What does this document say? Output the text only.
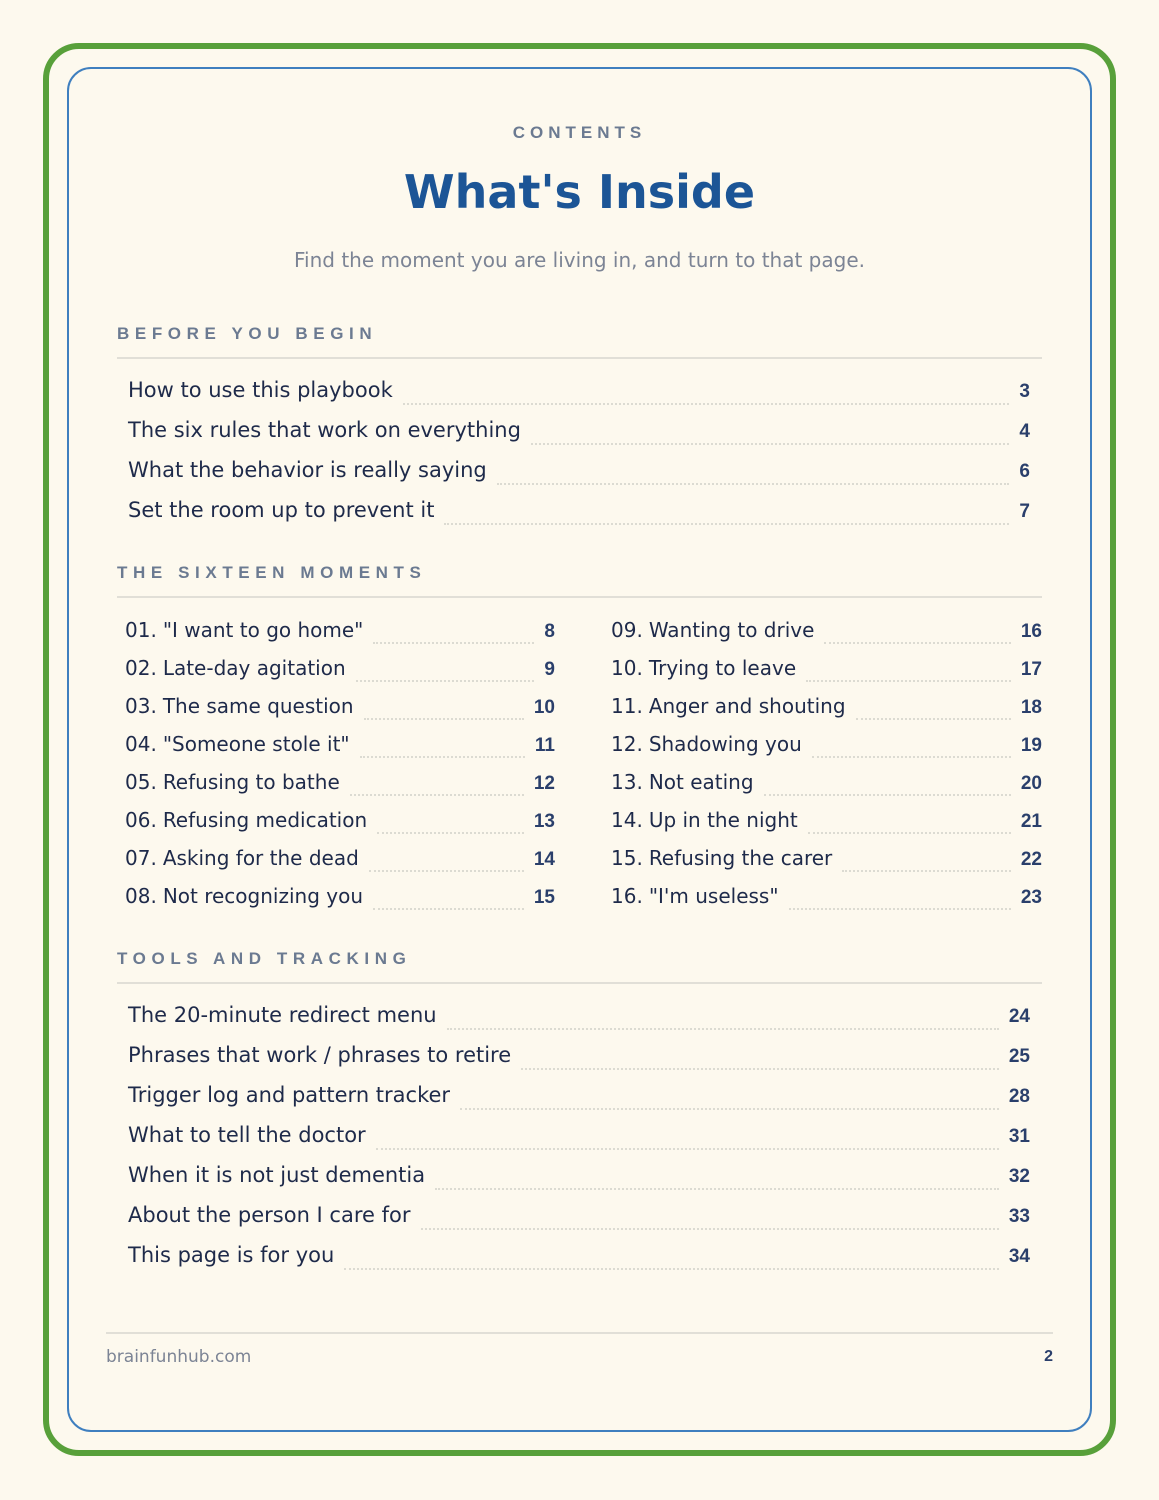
CONTENTS
What's Inside
Find the moment you are living in, and turn to that page.
BEFORE YOU BEGIN
How to use this playbook	3
The six rules that work on everything	4
What the behavior is really saying	6
Set the room up to prevent it	7
THE SIXTEEN MOMENTS
01. "I want to go home"	8
02. Late-day agitation	9
03. The same question	10
04. "Someone stole it"	11
05. Refusing to bathe	12
06. Refusing medication	13
07. Asking for the dead	14
08. Not recognizing you	15
09. Wanting to drive	16
10. Trying to leave	17
11. Anger and shouting	18
12. Shadowing you	19
13. Not eating	20
14. Up in the night	21
15. Refusing the carer	22
16. "I'm useless"	23
TOOLS AND TRACKING
The 20-minute redirect menu	24
Phrases that work / phrases to retire	25
Trigger log and pattern tracker	28
What to tell the doctor	31
When it is not just dementia	32
About the person I care for	33
This page is for you	34
brainfunhub.com	2
